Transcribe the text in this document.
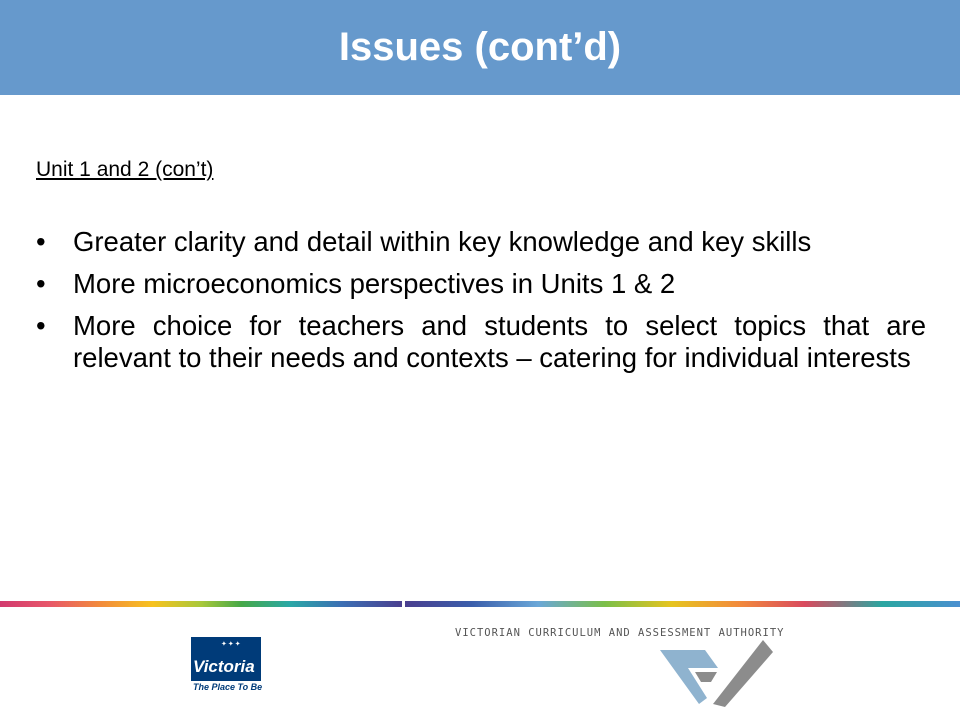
Issues (cont’d)
Unit 1 and 2 (con’t)
• Greater clarity and detail within key knowledge and key skills
• More microeconomics perspectives in Units 1 & 2
• More choice for teachers and students to select topics that are relevant to their needs and contexts – catering for individual interests
✦✦✦
Victoria
The Place To Be
VICTORIAN CURRICULUM AND ASSESSMENT AUTHORITY
